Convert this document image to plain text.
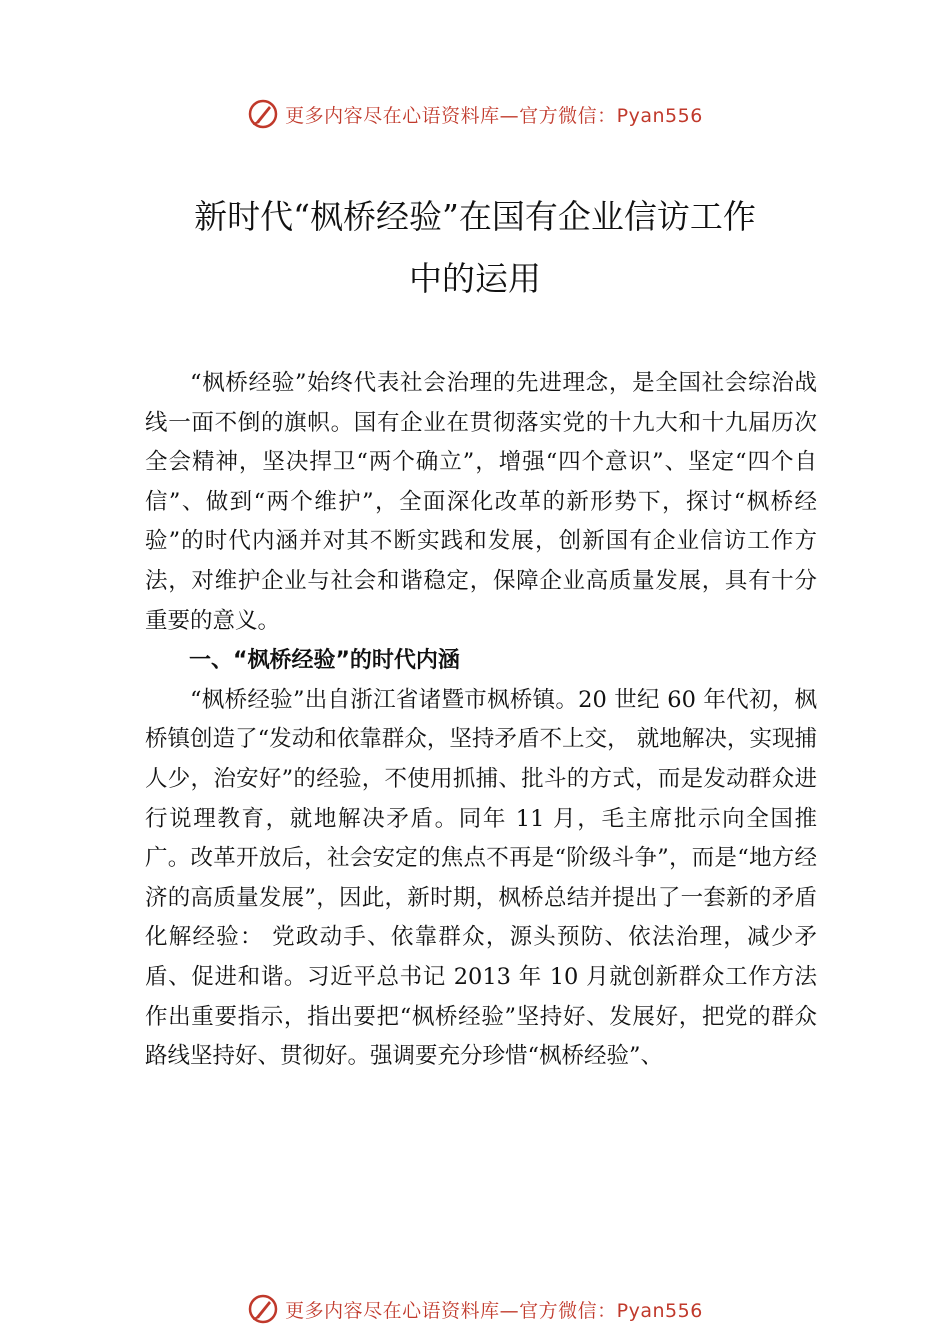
更多内容尽在心语资料库—官方微信：Pyan556
新时代“枫桥经验”在国有企业信访工作
中的运用

“枫桥经验”始终代表社会治理的先进理念，是全国社会综治战线一面不倒的旗帜。国有企业在贯彻落实党的十九大和十九届历次全会精神，坚决捍卫“两个确立”，增强“四个意识”、坚定“四个自信”、做到“两个维护”，全面深化改革的新形势下，探讨“枫桥经验”的时代内涵并对其不断实践和发展，创新国有企业信访工作方法，对维护企业与社会和谐稳定，保障企业高质量发展，具有十分重要的意义。

一、“枫桥经验”的时代内涵

“枫桥经验”出自浙江省诸暨市枫桥镇。20 世纪 60 年代初，枫桥镇创造了“发动和依靠群众，坚持矛盾不上交， 就地解决，实现捕人少，治安好”的经验，不使用抓捕、批斗的方式，而是发动群众进行说理教育，就地解决矛盾。同年 11 月，毛主席批示向全国推广。改革开放后，社会安定的焦点不再是“阶级斗争”，而是“地方经济的高质量发展”，因此，新时期，枫桥总结并提出了一套新的矛盾化解经验： 党政动手、依靠群众，源头预防、依法治理，减少矛盾、促进和谐。习近平总书记 2013 年 10 月就创新群众工作方法作出重要指示，指出要把“枫桥经验”坚持好、发展好，把党的群众路线坚持好、贯彻好。强调要充分珍惜“枫桥经验”、

更多内容尽在心语资料库—官方微信：Pyan556
